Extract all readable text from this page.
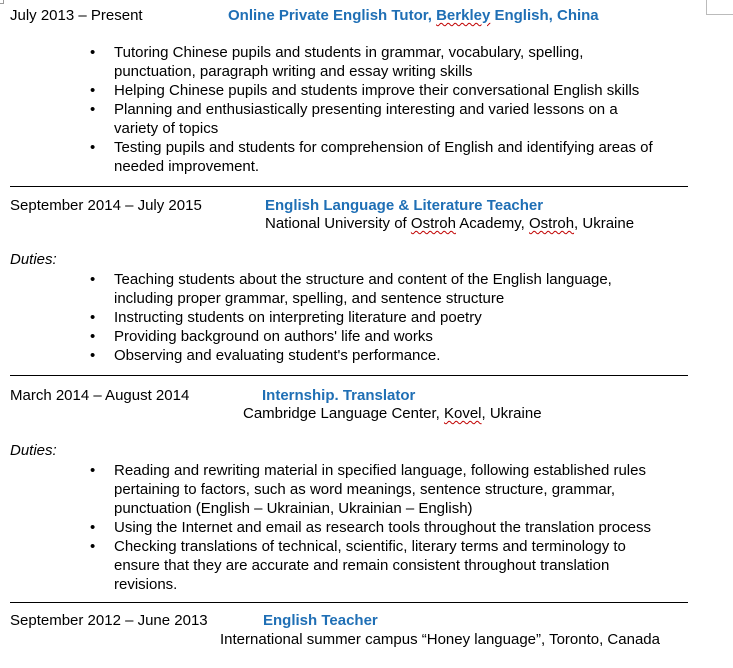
July 2013 – Present	Online Private English Tutor, Berkley English, China
• Tutoring Chinese pupils and students in grammar, vocabulary, spelling,
punctuation, paragraph writing and essay writing skills
• Helping Chinese pupils and students improve their conversational English skills
• Planning and enthusiastically presenting interesting and varied lessons on a
variety of topics
• Testing pupils and students for comprehension of English and identifying areas of
needed improvement.
September 2014 – July 2015	English Language & Literature Teacher
National University of Ostroh Academy, Ostroh, Ukraine
Duties:
• Teaching students about the structure and content of the English language,
including proper grammar, spelling, and sentence structure
• Instructing students on interpreting literature and poetry
• Providing background on authors' life and works
• Observing and evaluating student's performance.
March 2014 – August 2014	Internship. Translator
Cambridge Language Center, Kovel, Ukraine
Duties:
• Reading and rewriting material in specified language, following established rules
pertaining to factors, such as word meanings, sentence structure, grammar,
punctuation (English – Ukrainian, Ukrainian – English)
• Using the Internet and email as research tools throughout the translation process
• Checking translations of technical, scientific, literary terms and terminology to
ensure that they are accurate and remain consistent throughout translation
revisions.
September 2012 – June 2013	English Teacher
International summer campus “Honey language”, Toronto, Canada
